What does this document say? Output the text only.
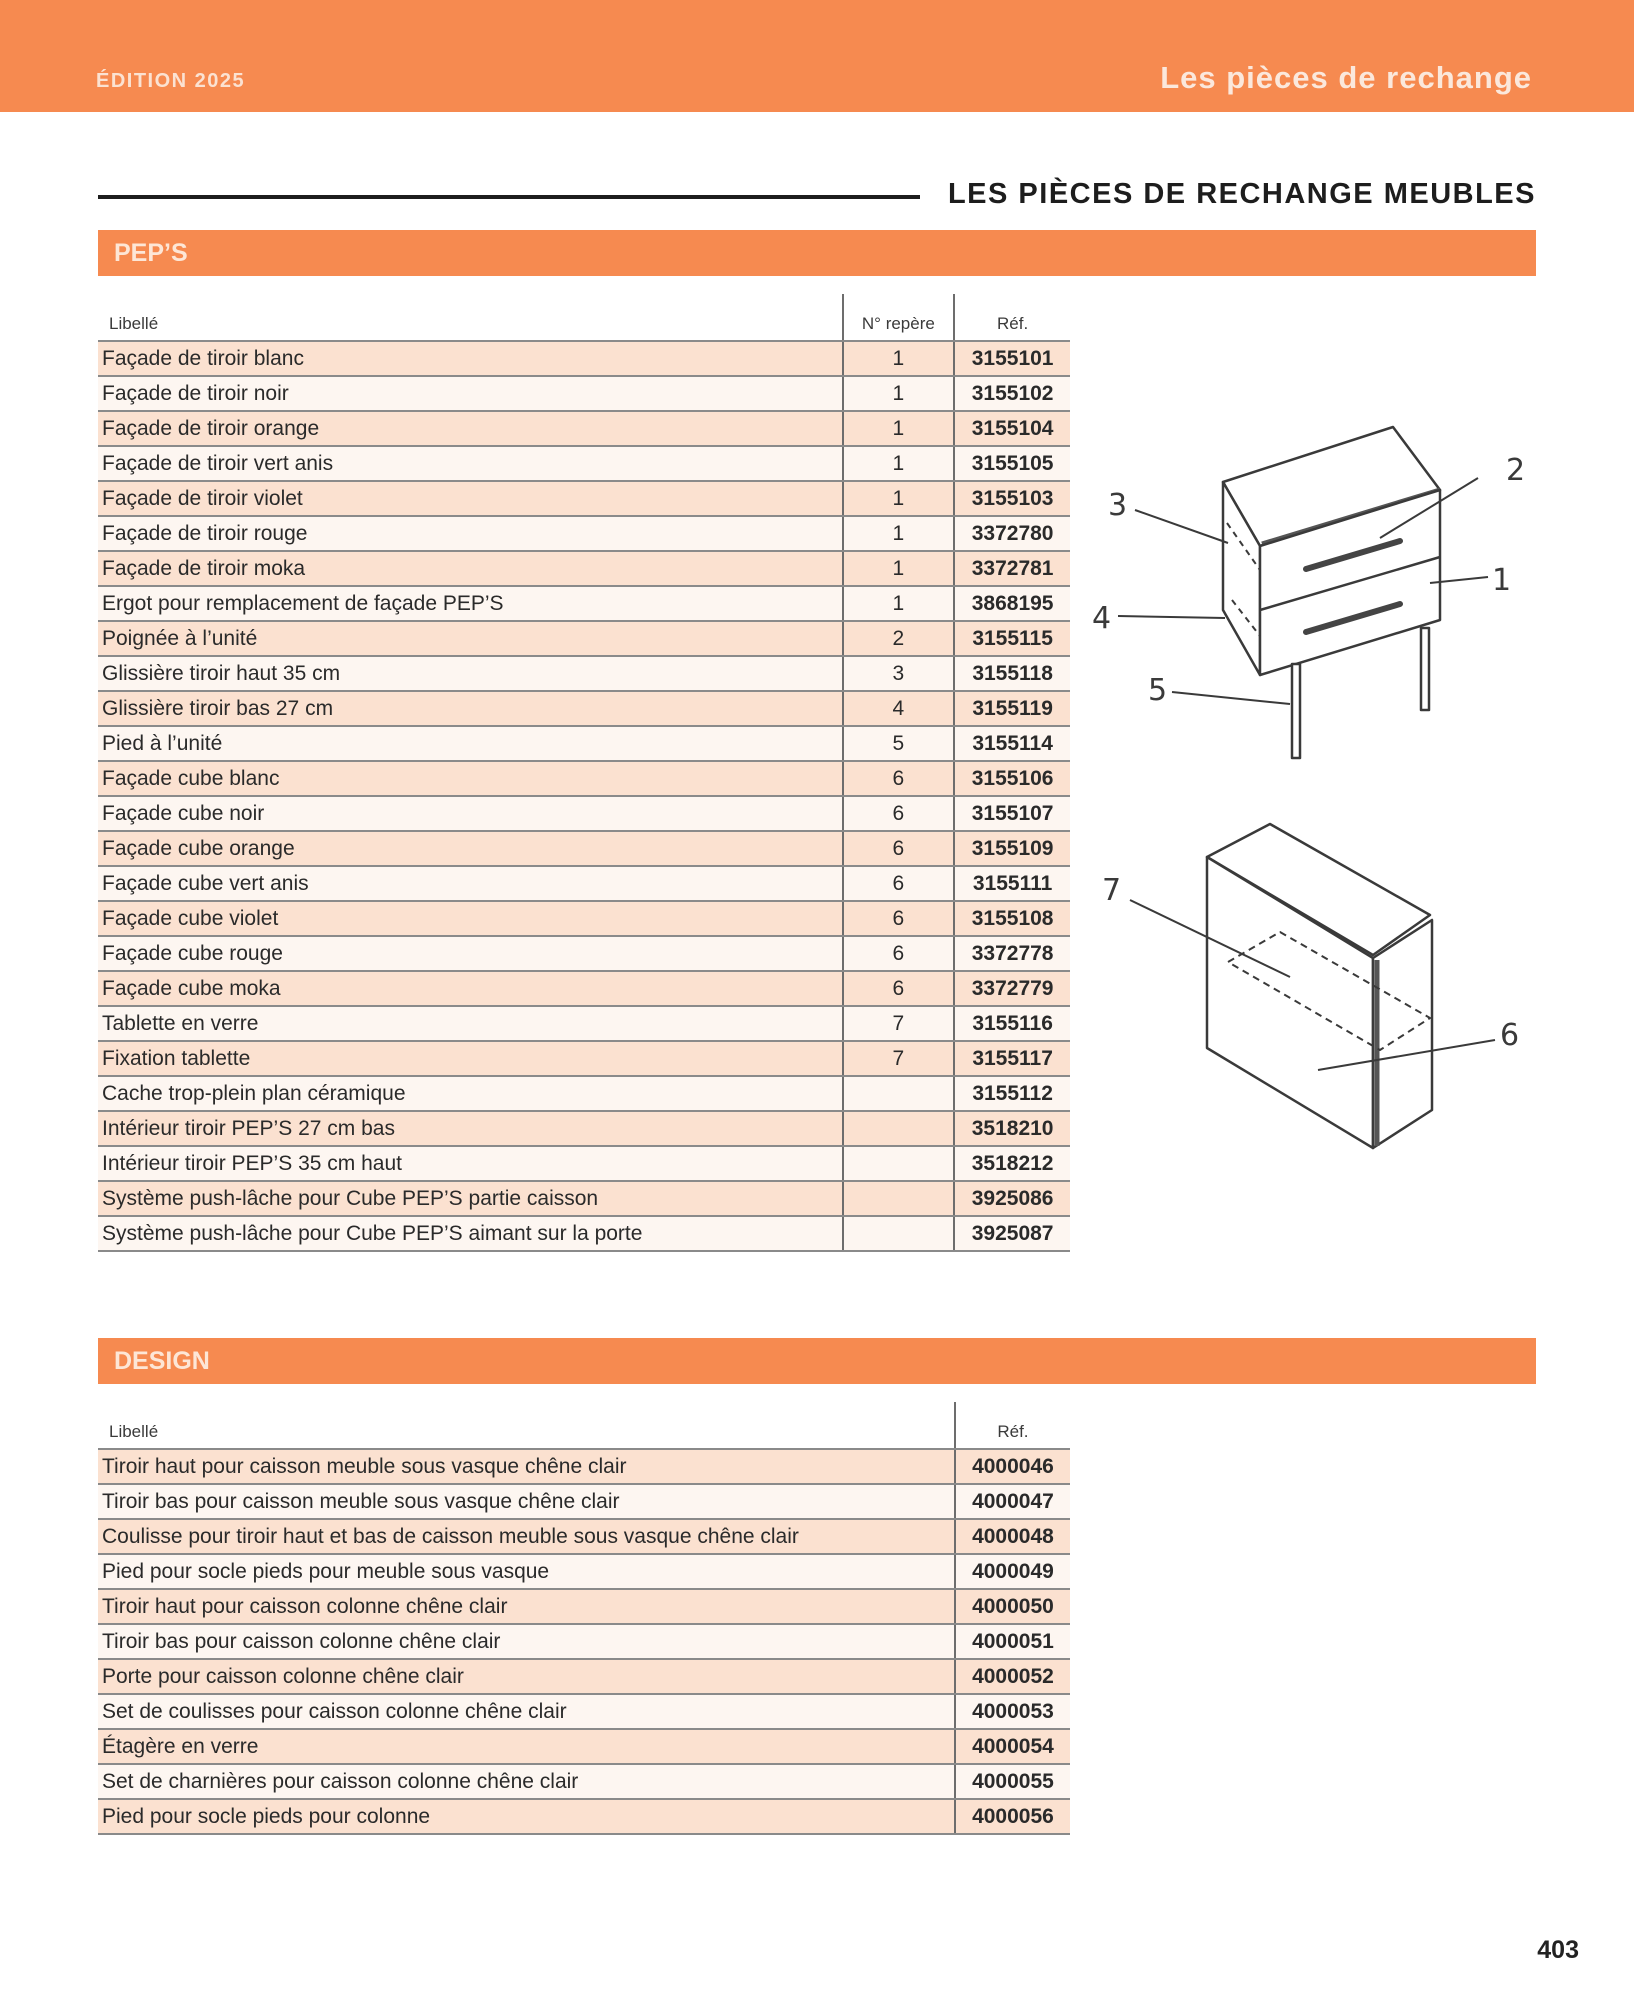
ÉDITION 2025	Les pièces de rechange
LES PIÈCES DE RECHANGE MEUBLES
PEP’S
Libellé	N° repère	Réf.
Façade de tiroir blanc	1	3155101
Façade de tiroir noir	1	3155102
Façade de tiroir orange	1	3155104
Façade de tiroir vert anis	1	3155105
Façade de tiroir violet	1	3155103
Façade de tiroir rouge	1	3372780
Façade de tiroir moka	1	3372781
Ergot pour remplacement de façade PEP’S	1	3868195
Poignée à l’unité	2	3155115
Glissière tiroir haut 35 cm	3	3155118
Glissière tiroir bas 27 cm	4	3155119
Pied à l’unité	5	3155114
Façade cube blanc	6	3155106
Façade cube noir	6	3155107
Façade cube orange	6	3155109
Façade cube vert anis	6	3155111
Façade cube violet	6	3155108
Façade cube rouge	6	3372778
Façade cube moka	6	3372779
Tablette en verre	7	3155116
Fixation tablette	7	3155117
Cache trop-plein plan céramique		3155112
Intérieur tiroir PEP’S 27 cm bas		3518210
Intérieur tiroir PEP’S 35 cm haut		3518212
Système push-lâche pour Cube PEP’S partie caisson		3925086
Système push-lâche pour Cube PEP’S aimant sur la porte		3925087
3
2
1
4
5
7
6
DESIGN
Libellé	Réf.
Tiroir haut pour caisson meuble sous vasque chêne clair	4000046
Tiroir bas pour caisson meuble sous vasque chêne clair	4000047
Coulisse pour tiroir haut et bas de caisson meuble sous vasque chêne clair	4000048
Pied pour socle pieds pour meuble sous vasque	4000049
Tiroir haut pour caisson colonne chêne clair	4000050
Tiroir bas pour caisson colonne chêne clair	4000051
Porte pour caisson colonne chêne clair	4000052
Set de coulisses pour caisson colonne chêne clair	4000053
Étagère en verre	4000054
Set de charnières pour caisson colonne chêne clair	4000055
Pied pour socle pieds pour colonne	4000056
403
